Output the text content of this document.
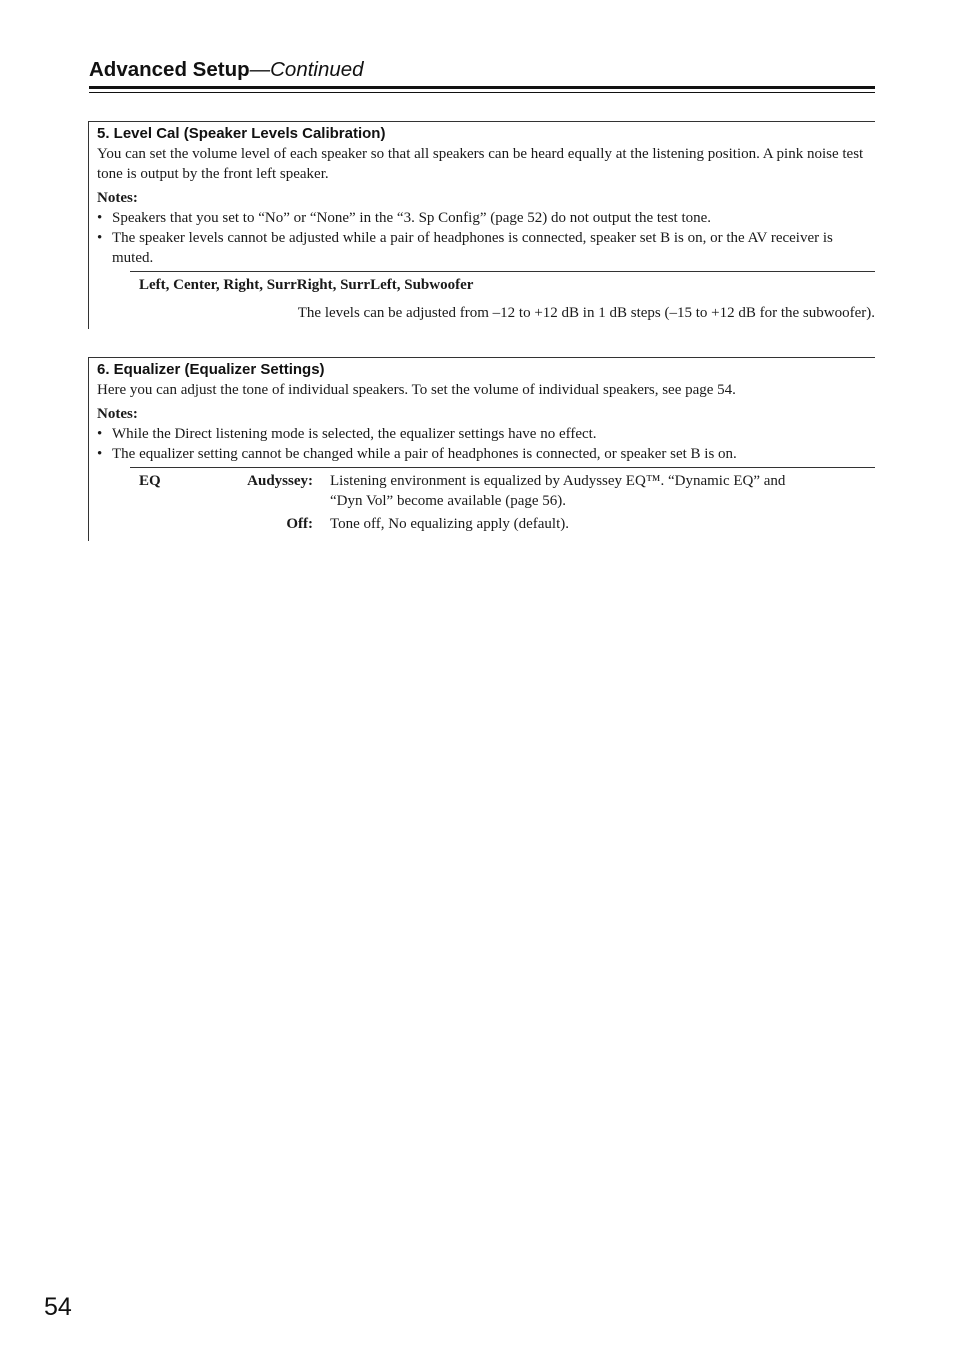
Advanced Setup—Continued
5. Level Cal (Speaker Levels Calibration)

You can set the volume level of each speaker so that all speakers can be heard equally at the listening position. A pink noise test tone is output by the front left speaker.

Notes:
• Speakers that you set to “No” or “None” in the “3. Sp Config” (page 52) do not output the test tone.
• The speaker levels cannot be adjusted while a pair of headphones is connected, speaker set B is on, or the AV receiver is muted.
Left, Center, Right, SurrRight, SurrLeft, Subwoofer
The levels can be adjusted from –12 to +12 dB in 1 dB steps (–15 to +12 dB for the subwoofer).
6. Equalizer (Equalizer Settings)

Here you can adjust the tone of individual speakers. To set the volume of individual speakers, see page 54.

Notes:
• While the Direct listening mode is selected, the equalizer settings have no effect.
• The equalizer setting cannot be changed while a pair of headphones is connected, or speaker set B is on.
EQ	Audyssey: Listening environment is equalized by Audyssey EQ™. “Dynamic EQ” and
“Dyn Vol” become available (page 56).
Off: Tone off, No equalizing apply (default).
54
